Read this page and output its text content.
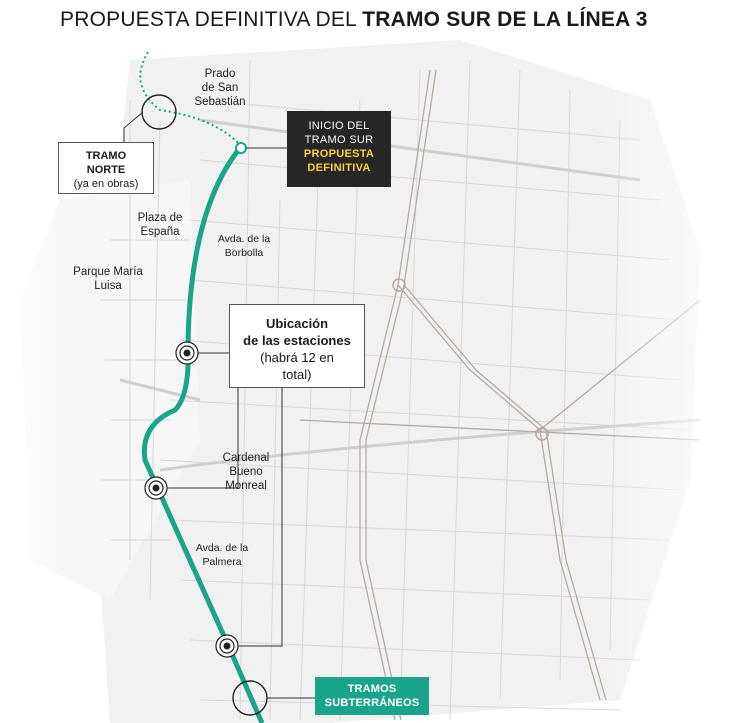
PROPUESTA DEFINITIVA DEL TRAMO SUR DE LA LÍNEA 3
Prado
de San
Sebastián
Plaza de
España
Parque María
Luisa
Avda. de la
Borbolla
Cardenal
Bueno
Monreal
Avda. de la
Palmera
TRAMO
NORTE
(ya en obras)
INICIO DEL
TRAMO SUR
PROPUESTA
DEFINITIVA
Ubicación
de las estaciones
(habrá 12 en
total)
TRAMOS
SUBTERRÁNEOS
